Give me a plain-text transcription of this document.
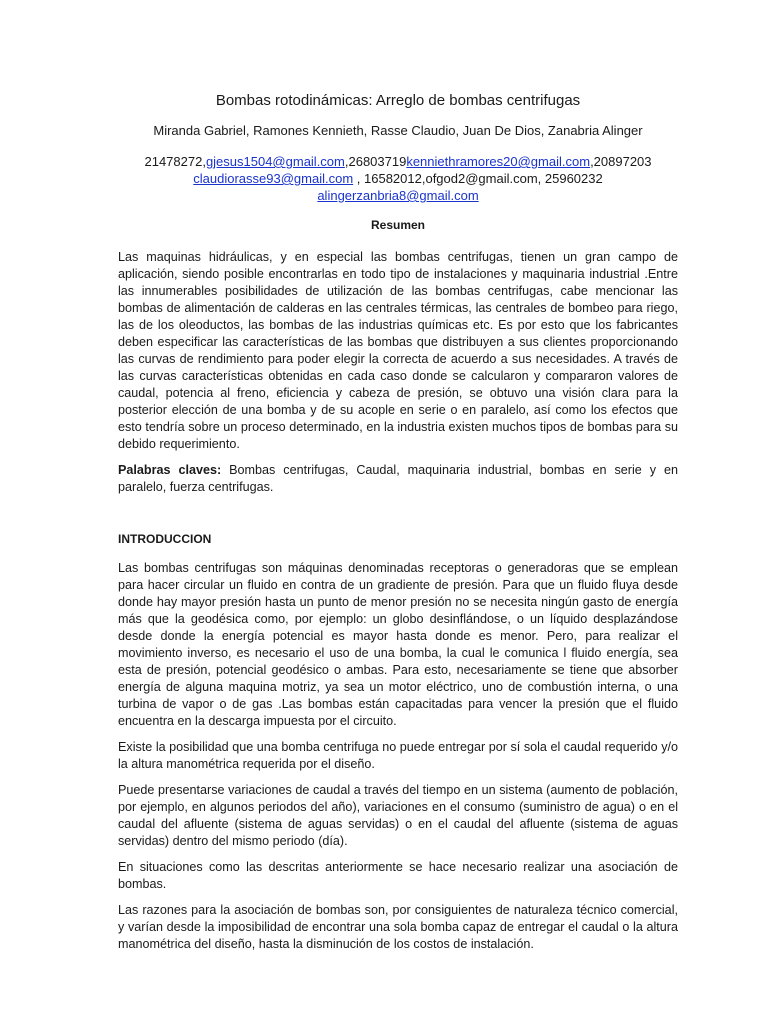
Bombas rotodinámicas: Arreglo de bombas centrifugas
Miranda Gabriel, Ramones Kennieth, Rasse Claudio, Juan De Dios, Zanabria Alinger
21478272,gjesus1504@gmail.com,26803719kenniethramores20@gmail.com,20897203
claudiorasse93@gmail.com , 16582012,ofgod2@gmail.com, 25960232 alingerzanbria8@gmail.com
Resumen

Las maquinas hidráulicas, y en especial las bombas centrifugas, tienen un gran campo de aplicación, siendo posible encontrarlas en todo tipo de instalaciones y maquinaria industrial .Entre las innumerables posibilidades de utilización de las bombas centrifugas, cabe mencionar las bombas de alimentación de calderas en las centrales térmicas, las centrales de bombeo para riego, las de los oleoductos, las bombas de las industrias químicas etc. Es por esto que los fabricantes deben especificar las características de las bombas que distribuyen a sus clientes proporcionando las curvas de rendimiento para poder elegir la correcta de acuerdo a sus necesidades. A través de las curvas características obtenidas en cada caso donde se calcularon y compararon valores de caudal, potencia al freno, eficiencia y cabeza de presión, se obtuvo una visión clara para la posterior elección de una bomba y de su acople en serie o en paralelo, así como los efectos que esto tendría sobre un proceso determinado, en la industria existen muchos tipos de bombas para su debido requerimiento.

Palabras claves: Bombas centrifugas, Caudal, maquinaria industrial, bombas en serie y en paralelo, fuerza centrifugas.

INTRODUCCION

Las bombas centrifugas son máquinas denominadas receptoras o generadoras que se emplean para hacer circular un fluido en contra de un gradiente de presión. Para que un fluido fluya desde donde hay mayor presión hasta un punto de menor presión no se necesita ningún gasto de energía más que la geodésica como, por ejemplo: un globo desinflándose, o un líquido desplazándose desde donde la energía potencial es mayor hasta donde es menor. Pero, para realizar el movimiento inverso, es necesario el uso de una bomba, la cual le comunica l fluido energía, sea esta de presión, potencial geodésico o ambas. Para esto, necesariamente se tiene que absorber energía de alguna maquina motriz, ya sea un motor eléctrico, uno de combustión interna, o una turbina de vapor o de gas .Las bombas están capacitadas para vencer la presión que el fluido encuentra en la descarga impuesta por el circuito.

Existe la posibilidad que una bomba centrifuga no puede entregar por sí sola el caudal requerido y/o la altura manométrica requerida por el diseño.

Puede presentarse variaciones de caudal a través del tiempo en un sistema (aumento de población, por ejemplo, en algunos periodos del año), variaciones en el consumo (suministro de agua) o en el caudal del afluente (sistema de aguas servidas) o en el caudal del afluente (sistema de aguas servidas) dentro del mismo periodo (día).

En situaciones como las descritas anteriormente se hace necesario realizar una asociación de bombas.

Las razones para la asociación de bombas son, por consiguientes de naturaleza técnico comercial, y varían desde la imposibilidad de encontrar una sola bomba capaz de entregar el caudal o la altura manométrica del diseño, hasta la disminución de los costos de instalación.
